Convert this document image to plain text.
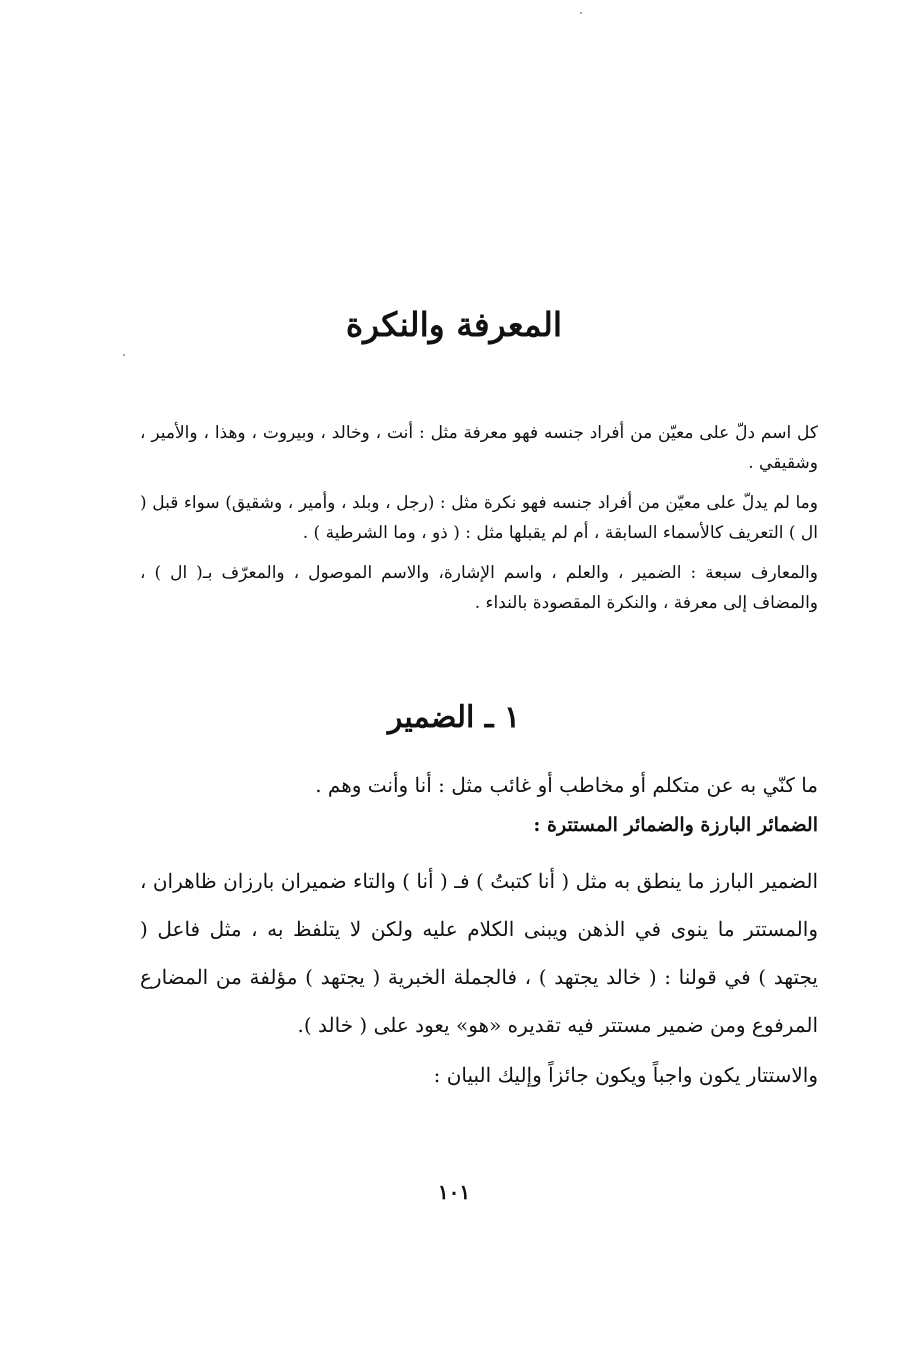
المعرفة والنكرة

كل اسم دلّ على معيّن من أفراد جنسه فهو معرفة مثل : أنت ، وخالد ، وبيروت ، وهذا ، والأمير ، وشقيقي .

وما لم يدلّ على معيّن من أفراد جنسه فهو نكرة مثل : (رجل ، وبلد ، وأمير ، وشقيق) سواء قبل ( ال ) التعريف كالأسماء السابقة ، أم لم يقبلها مثل : ( ذو ، وما الشرطية ) .

والمعارف سبعة : الضمير ، والعلم ، واسم الإشارة، والاسم الموصول ، والمعرّف بـ( ال ) ، والمضاف إلى معرفة ، والنكرة المقصودة بالنداء .

١ ـ الضمير

ما كنّي به عن متكلم أو مخاطب أو غائب مثل : أنا وأنت وهم .

الضمائر البارزة والضمائر المستترة :

الضمير البارز ما ينطق به مثل ( أنا كتبتُ ) فـ ( أنا ) والتاء ضميران بارزان ظاهران ، والمستتر ما ينوى في الذهن ويبنى الكلام عليه ولكن لا يتلفظ به ، مثل فاعل ( يجتهد ) في قولنا : ( خالد يجتهد ) ، فالجملة الخبرية ( يجتهد ) مؤلفة من المضارع المرفوع ومن ضمير مستتر فيه تقديره «هو» يعود على ( خالد ).

والاستتار يكون واجباً ويكون جائزاً وإليك البيان :

١٠١
